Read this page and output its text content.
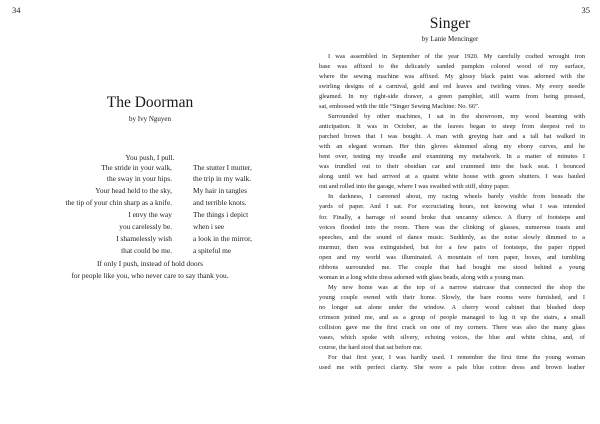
34
The Doorman

by Ivy Nguyen

You push, I pull.

The stride in your walk,

the sway in your hips.

Your head held to the sky,

the tip of your chin sharp as a knife.

I envy the way

you carelessly be.

I shamelessly wish

that could be me.

The stutter I mutter,

the trip in my walk.

My hair in tangles

and terrible knots.

The things i depict

when i see

a look in the mirror,

a spiteful me

If only I push, instead of hold doors

for people like you, who never care to say thank you.

35
Singer

by Lanie Mencinger

I was assembled in September of the year 1920. My carefully crafted wrought iron
base was affixed to the delicately sanded pumpkin colored wood of my surface,
where the sewing machine was affixed. My glossy black paint was adorned with the
swirling designs of a carnival, gold and red leaves and twirling vines. My every needle
gleamed. In my right-side drawer, a green pamphlet, still warm from being pressed,
sat, embossed with the title “Singer Sewing Machine: No. 66”.
Surrounded by other machines, I sat in the showroom, my wood beaming with
anticipation. It was in October, as the leaves began to steep from deepest red to
parched brown that I was bought. A man with greying hair and a tall hat walked in
with an elegant woman. Her thin gloves skimmed along my ebony curves, and he
bent over, testing my treadle and examining my metalwork. In a matter of minutes I
was trundled out to their obsidian car and crammed into the back seat. I bounced
along until we had arrived at a quaint white house with green shutters. I was hauled
out and rolled into the garage, where I was swathed with stiff, shiny paper.
In darkness, I careened about, my racing wheels barely visible from beneath the
yards of paper. And I sat. For excruciating hours, not knowing what I was intended
for. Finally, a barrage of sound broke that uncanny silence. A flurry of footsteps and
voices flooded into the room. There was the clinking of glasses, numerous toasts and
speeches, and the sound of dance music. Suddenly, as the noise slowly dimmed to a
murmur, then was extinguished, but for a few pairs of footsteps, the paper ripped
open and my world was illuminated. A mountain of torn paper, boxes, and tumbling
ribbons surrounded me. The couple that had bought me stood behind a young
woman in a long white dress adorned with glass beads, along with a young man.
My new home was at the top of a narrow staircase that connected the shop the
young couple owned with their home. Slowly, the bare rooms were furnished, and I
no longer sat alone under the window. A cherry wood cabinet that blushed deep
crimson joined me, and as a group of people managed to lug it up the stairs, a small
collision gave me the first crack on one of my corners. There was also the many glass
vases, which spoke with silvery, echoing voices, the blue and white china, and, of
course, the hard stool that sat before me.
For that first year, I was hardly used. I remember the first time the young woman
used me with perfect clarity. She wore a pale blue cotton dress and brown leather
